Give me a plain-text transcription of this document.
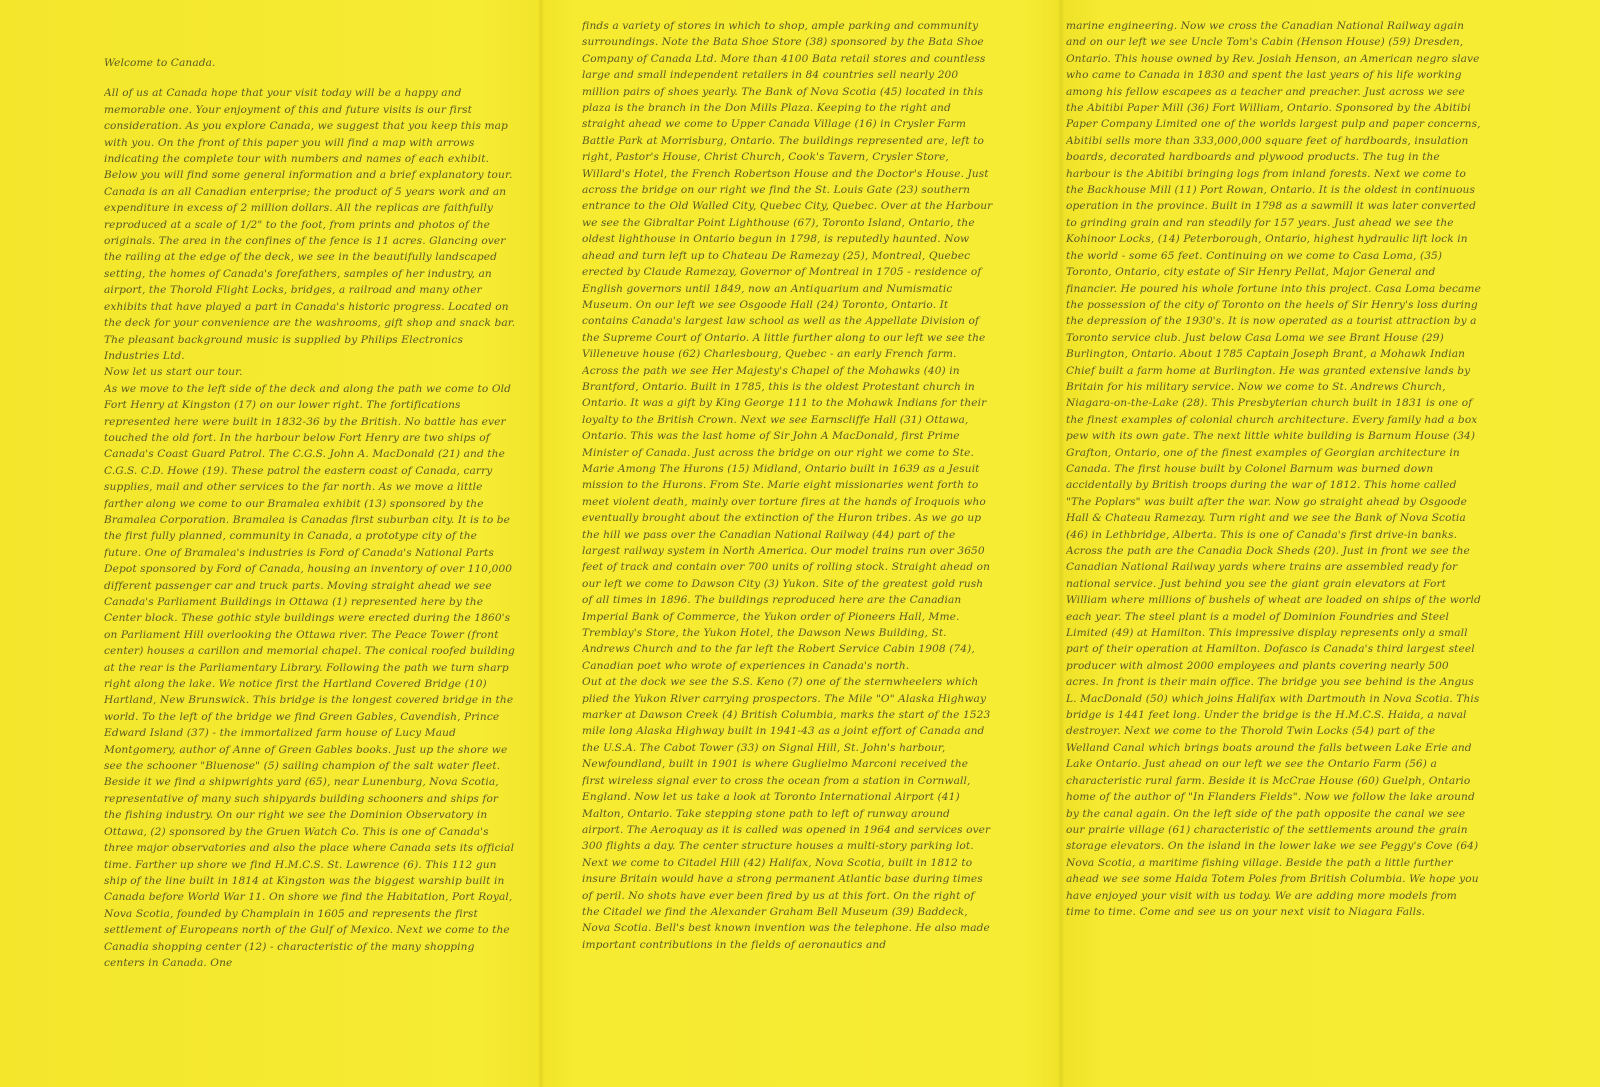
Welcome to Canada.

All of us at Canada hope that your visit today will be a happy and memorable one. Your enjoyment of this and future visits is our first consideration. As you explore Canada, we suggest that you keep this map with you. On the front of this paper you will find a map with arrows indicating the complete tour with numbers and names of each exhibit. Below you will find some general information and a brief explanatory tour. Canada is an all Canadian enterprise; the product of 5 years work and an expenditure in excess of 2 million dollars. All the replicas are faithfully reproduced at a scale of 1/2" to the foot, from prints and photos of the originals. The area in the confines of the fence is 11 acres. Glancing over the railing at the edge of the deck, we see in the beautifully landscaped setting, the homes of Canada's forefathers, samples of her industry, an airport, the Thorold Flight Locks, bridges, a railroad and many other exhibits that have played a part in Canada's historic progress. Located on the deck for your convenience are the washrooms, gift shop and snack bar. The pleasant background music is supplied by Philips Electronics Industries Ltd.

Now let us start our tour.

As we move to the left side of the deck and along the path we come to Old Fort Henry at Kingston (17) on our lower right. The fortifications represented here were built in 1832-36 by the British. No battle has ever touched the old fort. In the harbour below Fort Henry are two ships of Canada's Coast Guard Patrol. The C.G.S. John A. MacDonald (21) and the C.G.S. C.D. Howe (19). These patrol the eastern coast of Canada, carry supplies, mail and other services to the far north. As we move a little farther along we come to our Bramalea exhibit (13) sponsored by the Bramalea Corporation. Bramalea is Canadas first suburban city. It is to be the first fully planned, community in Canada, a prototype city of the future. One of Bramalea's industries is Ford of Canada's National Parts Depot sponsored by Ford of Canada, housing an inventory of over 110,000 different passenger car and truck parts. Moving straight ahead we see Canada's Parliament Buildings in Ottawa (1) represented here by the Center block. These gothic style buildings were erected during the 1860's on Parliament Hill overlooking the Ottawa river. The Peace Tower (front center) houses a carillon and memorial chapel. The conical roofed building at the rear is the Parliamentary Library. Following the path we turn sharp right along the lake. We notice first the Hartland Covered Bridge (10) Hartland, New Brunswick. This bridge is the longest covered bridge in the world. To the left of the bridge we find Green Gables, Cavendish, Prince Edward Island (37) - the immortalized farm house of Lucy Maud Montgomery, author of Anne of Green Gables books. Just up the shore we see the schooner "Bluenose" (5) sailing champion of the salt water fleet. Beside it we find a shipwrights yard (65), near Lunenburg, Nova Scotia, representative of many such shipyards building schooners and ships for the fishing industry. On our right we see the Dominion Observatory in Ottawa, (2) sponsored by the Gruen Watch Co. This is one of Canada's three major observatories and also the place where Canada sets its official time. Farther up shore we find H.M.C.S. St. Lawrence (6). This 112 gun ship of the line built in 1814 at Kingston was the biggest warship built in Canada before World War 11. On shore we find the Habitation, Port Royal, Nova Scotia, founded by Champlain in 1605 and represents the first settlement of Europeans north of the Gulf of Mexico. Next we come to the Canadia shopping center (12) - characteristic of the many shopping centers in Canada. One

finds a variety of stores in which to shop, ample parking and community surroundings. Note the Bata Shoe Store (38) sponsored by the Bata Shoe Company of Canada Ltd. More than 4100 Bata retail stores and countless large and small independent retailers in 84 countries sell nearly 200 million pairs of shoes yearly. The Bank of Nova Scotia (45) located in this plaza is the branch in the Don Mills Plaza. Keeping to the right and straight ahead we come to Upper Canada Village (16) in Crysler Farm Battle Park at Morrisburg, Ontario. The buildings represented are, left to right, Pastor's House, Christ Church, Cook's Tavern, Crysler Store, Willard's Hotel, the French Robertson House and the Doctor's House. Just across the bridge on our right we find the St. Louis Gate (23) southern entrance to the Old Walled City, Quebec City, Quebec. Over at the Harbour we see the Gibraltar Point Lighthouse (67), Toronto Island, Ontario, the oldest lighthouse in Ontario begun in 1798, is reputedly haunted. Now ahead and turn left up to Chateau De Ramezay (25), Montreal, Quebec erected by Claude Ramezay, Governor of Montreal in 1705 - residence of English governors until 1849, now an Antiquarium and Numismatic Museum. On our left we see Osgoode Hall (24) Toronto, Ontario. It contains Canada's largest law school as well as the Appellate Division of the Supreme Court of Ontario. A little further along to our left we see the Villeneuve house (62) Charlesbourg, Quebec - an early French farm. Across the path we see Her Majesty's Chapel of the Mohawks (40) in Brantford, Ontario. Built in 1785, this is the oldest Protestant church in Ontario. It was a gift by King George 111 to the Mohawk Indians for their loyalty to the British Crown. Next we see Earnscliffe Hall (31) Ottawa, Ontario. This was the last home of Sir John A MacDonald, first Prime Minister of Canada. Just across the bridge on our right we come to Ste. Marie Among The Hurons (15) Midland, Ontario built in 1639 as a Jesuit mission to the Hurons. From Ste. Marie eight missionaries went forth to meet violent death, mainly over torture fires at the hands of Iroquois who eventually brought about the extinction of the Huron tribes. As we go up the hill we pass over the Canadian National Railway (44) part of the largest railway system in North America. Our model trains run over 3650 feet of track and contain over 700 units of rolling stock. Straight ahead on our left we come to Dawson City (3) Yukon. Site of the greatest gold rush of all times in 1896. The buildings reproduced here are the Canadian Imperial Bank of Commerce, the Yukon order of Pioneers Hall, Mme. Tremblay's Store, the Yukon Hotel, the Dawson News Building, St. Andrews Church and to the far left the Robert Service Cabin 1908 (74), Canadian poet who wrote of experiences in Canada's north.

Out at the dock we see the S.S. Keno (7) one of the sternwheelers which plied the Yukon River carrying prospectors. The Mile "O" Alaska Highway marker at Dawson Creek (4) British Columbia, marks the start of the 1523 mile long Alaska Highway built in 1941-43 as a joint effort of Canada and the U.S.A. The Cabot Tower (33) on Signal Hill, St. John's harbour, Newfoundland, built in 1901 is where Guglielmo Marconi received the first wireless signal ever to cross the ocean from a station in Cornwall, England. Now let us take a look at Toronto International Airport (41) Malton, Ontario. Take stepping stone path to left of runway around airport. The Aeroquay as it is called was opened in 1964 and services over 300 flights a day. The center structure houses a multi-story parking lot. Next we come to Citadel Hill (42) Halifax, Nova Scotia, built in 1812 to insure Britain would have a strong permanent Atlantic base during times of peril. No shots have ever been fired by us at this fort. On the right of the Citadel we find the Alexander Graham Bell Museum (39) Baddeck, Nova Scotia. Bell's best known invention was the telephone. He also made important contributions in the fields of aeronautics and

marine engineering. Now we cross the Canadian National Railway again and on our left we see Uncle Tom's Cabin (Henson House) (59) Dresden, Ontario. This house owned by Rev. Josiah Henson, an American negro slave who came to Canada in 1830 and spent the last years of his life working among his fellow escapees as a teacher and preacher. Just across we see the Abitibi Paper Mill (36) Fort William, Ontario. Sponsored by the Abitibi Paper Company Limited one of the worlds largest pulp and paper concerns, Abitibi sells more than 333,000,000 square feet of hardboards, insulation boards, decorated hardboards and plywood products. The tug in the harbour is the Abitibi bringing logs from inland forests. Next we come to the Backhouse Mill (11) Port Rowan, Ontario. It is the oldest in continuous operation in the province. Built in 1798 as a sawmill it was later converted to grinding grain and ran steadily for 157 years. Just ahead we see the Kohinoor Locks, (14) Peterborough, Ontario, highest hydraulic lift lock in the world - some 65 feet. Continuing on we come to Casa Loma, (35) Toronto, Ontario, city estate of Sir Henry Pellat, Major General and financier. He poured his whole fortune into this project. Casa Loma became the possession of the city of Toronto on the heels of Sir Henry's loss during the depression of the 1930's. It is now operated as a tourist attraction by a Toronto service club. Just below Casa Loma we see Brant House (29) Burlington, Ontario. About 1785 Captain Joseph Brant, a Mohawk Indian Chief built a farm home at Burlington. He was granted extensive lands by Britain for his military service. Now we come to St. Andrews Church, Niagara-on-the-Lake (28). This Presbyterian church built in 1831 is one of the finest examples of colonial church architecture. Every family had a box pew with its own gate. The next little white building is Barnum House (34) Grafton, Ontario, one of the finest examples of Georgian architecture in Canada. The first house built by Colonel Barnum was burned down accidentally by British troops during the war of 1812. This home called "The Poplars" was built after the war. Now go straight ahead by Osgoode Hall & Chateau Ramezay. Turn right and we see the Bank of Nova Scotia (46) in Lethbridge, Alberta. This is one of Canada's first drive-in banks. Across the path are the Canadia Dock Sheds (20). Just in front we see the Canadian National Railway yards where trains are assembled ready for national service. Just behind you see the giant grain elevators at Fort William where millions of bushels of wheat are loaded on ships of the world each year. The steel plant is a model of Dominion Foundries and Steel Limited (49) at Hamilton. This impressive display represents only a small part of their operation at Hamilton. Dofasco is Canada's third largest steel producer with almost 2000 employees and plants covering nearly 500 acres. In front is their main office. The bridge you see behind is the Angus L. MacDonald (50) which joins Halifax with Dartmouth in Nova Scotia. This bridge is 1441 feet long. Under the bridge is the H.M.C.S. Haida, a naval destroyer. Next we come to the Thorold Twin Locks (54) part of the Welland Canal which brings boats around the falls between Lake Erie and Lake Ontario. Just ahead on our left we see the Ontario Farm (56) a characteristic rural farm. Beside it is McCrae House (60) Guelph, Ontario home of the author of "In Flanders Fields". Now we follow the lake around by the canal again. On the left side of the path opposite the canal we see our prairie village (61) characteristic of the settlements around the grain storage elevators. On the island in the lower lake we see Peggy's Cove (64) Nova Scotia, a maritime fishing village. Beside the path a little further ahead we see some Haida Totem Poles from British Columbia. We hope you have enjoyed your visit with us today. We are adding more models from time to time. Come and see us on your next visit to Niagara Falls.
